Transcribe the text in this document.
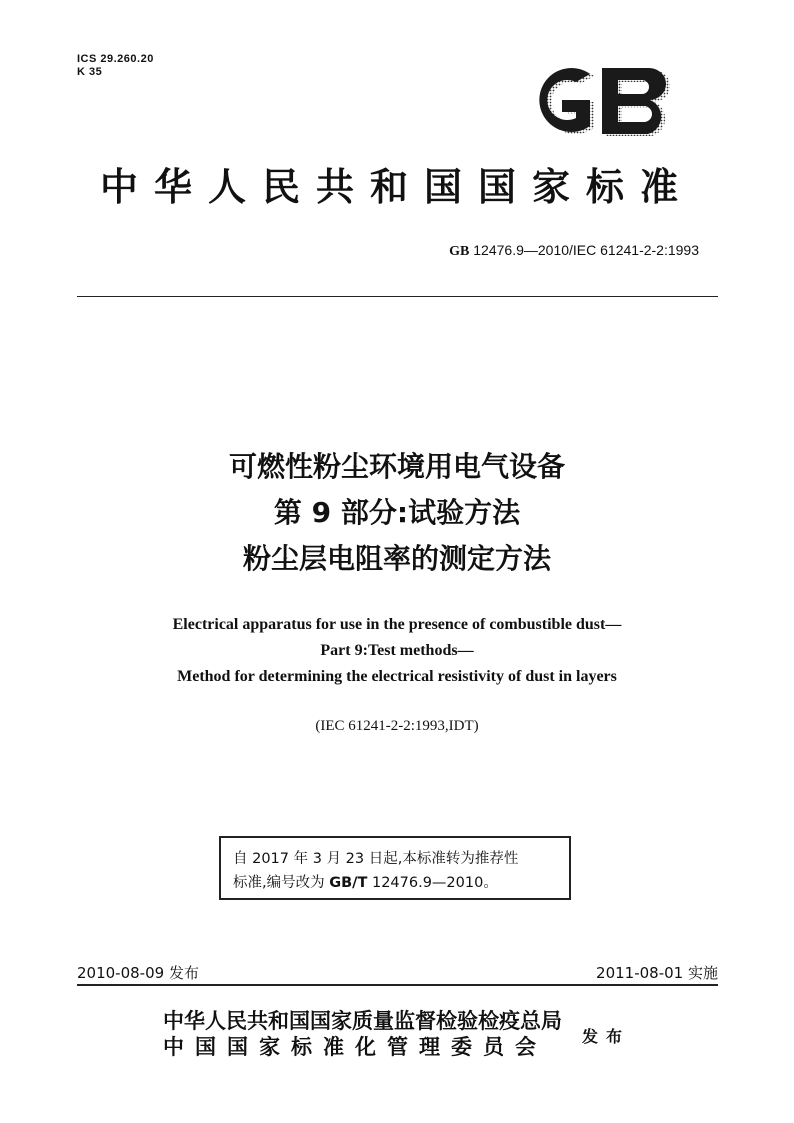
ICS 29.260.20
K 35
中华人民共和国国家标准
GB 12476.9—2010/IEC 61241-2-2:1993
可燃性粉尘环境用电气设备
第 9 部分:试验方法
粉尘层电阻率的测定方法
Electrical apparatus for use in the presence of combustible dust—
Part 9:Test methods—
Method for determining the electrical resistivity of dust in layers
(IEC 61241-2-2:1993,IDT)
自 2017 年 3 月 23 日起,本标准转为推荐性
标准,编号改为 GB/T 12476.9—2010。
2010-08-09 发布	2011-08-01 实施
中华人民共和国国家质量监督检验检疫总局
中国国家标准化管理委员会	发布
